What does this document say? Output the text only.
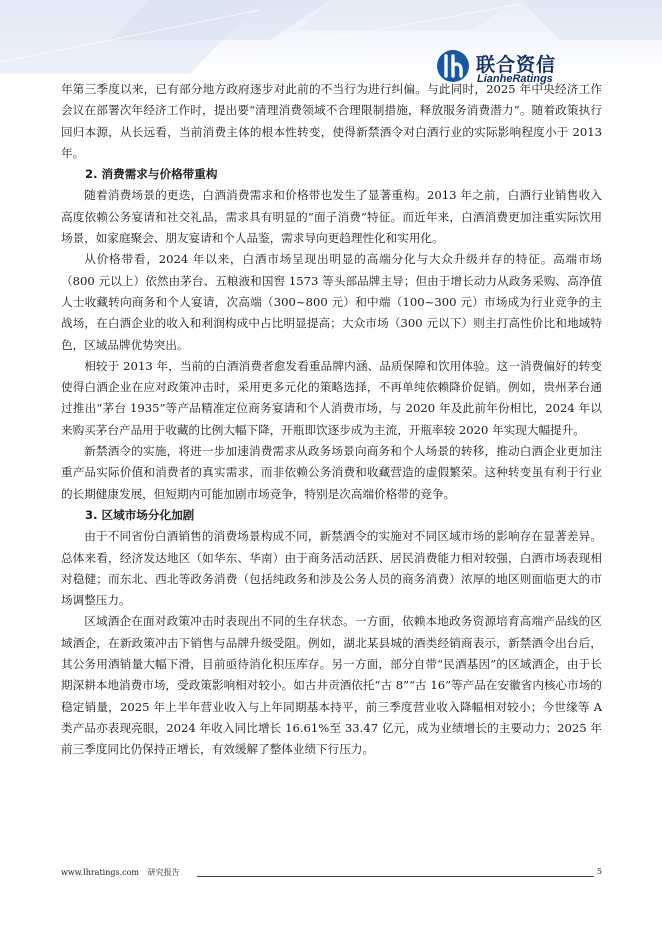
联合资信
LianheRatings

年第三季度以来，已有部分地方政府逐步对此前的不当行为进行纠偏。与此同时，2025 年中央经济工作会议在部署次年经济工作时，提出要“清理消费领域不合理限制措施，释放服务消费潜力”。随着政策执行回归本源，从长远看，当前消费主体的根本性转变，使得新禁酒令对白酒行业的实际影响程度小于 2013 年。

2. 消费需求与价格带重构

随着消费场景的更迭，白酒消费需求和价格带也发生了显著重构。2013 年之前，白酒行业销售收入高度依赖公务宴请和社交礼品，需求具有明显的“面子消费”特征。而近年来，白酒消费更加注重实际饮用场景，如家庭聚会、朋友宴请和个人品鉴，需求导向更趋理性化和实用化。

从价格带看，2024 年以来，白酒市场呈现出明显的高端分化与大众升级并存的特征。高端市场（800 元以上）依然由茅台、五粮液和国窖 1573 等头部品牌主导；但由于增长动力从政务采购、高净值人士收藏转向商务和个人宴请，次高端（300~800 元）和中端（100~300 元）市场成为行业竞争的主战场，在白酒企业的收入和利润构成中占比明显提高；大众市场（300 元以下）则主打高性价比和地域特色，区域品牌优势突出。

相较于 2013 年，当前的白酒消费者愈发看重品牌内涵、品质保障和饮用体验。这一消费偏好的转变使得白酒企业在应对政策冲击时，采用更多元化的策略选择，不再单纯依赖降价促销。例如，贵州茅台通过推出“茅台 1935”等产品精准定位商务宴请和个人消费市场，与 2020 年及此前年份相比，2024 年以来购买茅台产品用于收藏的比例大幅下降，开瓶即饮逐步成为主流，开瓶率较 2020 年实现大幅提升。

新禁酒令的实施，将进一步加速消费需求从政务场景向商务和个人场景的转移，推动白酒企业更加注重产品实际价值和消费者的真实需求，而非依赖公务消费和收藏营造的虚假繁荣。这种转变虽有利于行业的长期健康发展，但短期内可能加剧市场竞争，特别是次高端价格带的竞争。

3. 区域市场分化加剧

由于不同省份白酒销售的消费场景构成不同，新禁酒令的实施对不同区域市场的影响存在显著差异。总体来看，经济发达地区（如华东、华南）由于商务活动活跃、居民消费能力相对较强，白酒市场表现相对稳健；而东北、西北等政务消费（包括纯政务和涉及公务人员的商务消费）浓厚的地区则面临更大的市场调整压力。

区域酒企在面对政策冲击时表现出不同的生存状态。一方面，依赖本地政务资源培育高端产品线的区域酒企，在新政策冲击下销售与品牌升级受阻。例如，湖北某县城的酒类经销商表示，新禁酒令出台后，其公务用酒销量大幅下滑，目前亟待消化积压库存。另一方面，部分自带“民酒基因”的区域酒企，由于长期深耕本地消费市场，受政策影响相对较小。如古井贡酒依托“古 8”“古 16”等产品在安徽省内核心市场的稳定销量，2025 年上半年营业收入与上年同期基本持平，前三季度营业收入降幅相对较小；今世缘等 A 类产品亦表现亮眼，2024 年收入同比增长 16.61%至 33.47 亿元，成为业绩增长的主要动力；2025 年前三季度同比仍保持正增长，有效缓解了整体业绩下行压力。

www.lhratings.com 研究报告	5
